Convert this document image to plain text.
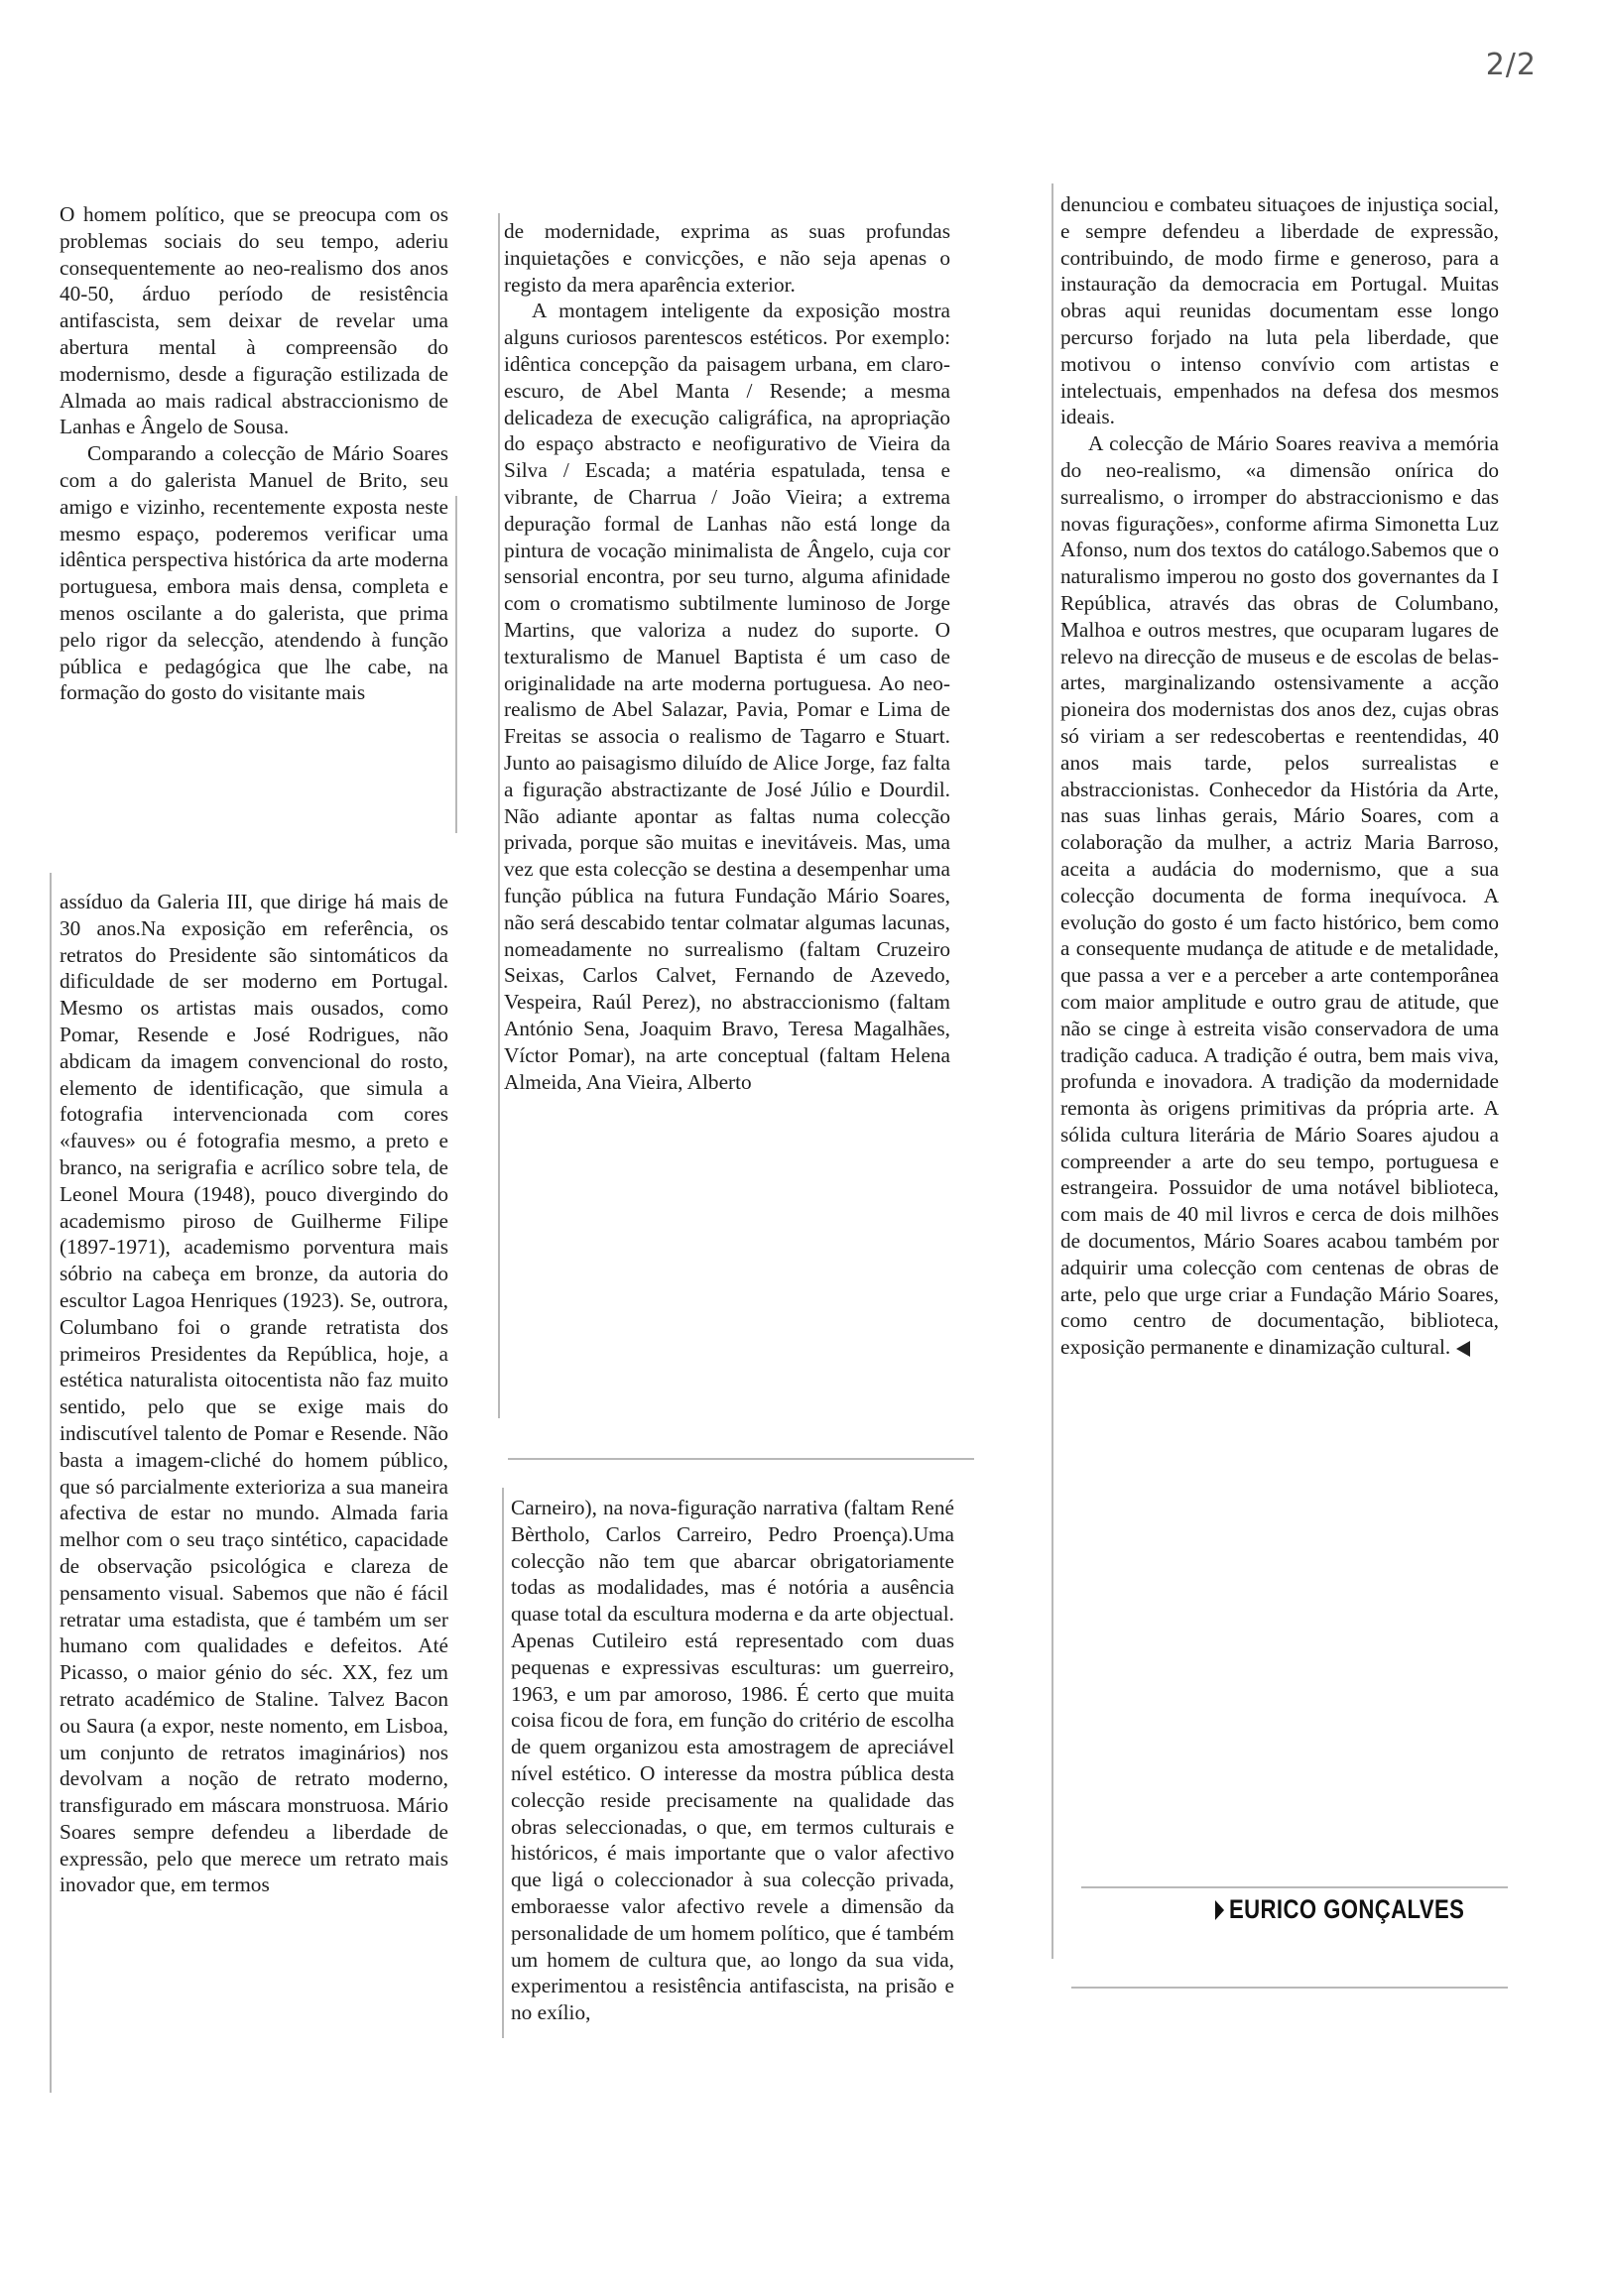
2/2

O homem político, que se preocupa com os problemas sociais do seu tempo, aderiu consequentemente ao neo-realismo dos anos 40-50, árduo período de resistência antifascista, sem deixar de revelar uma abertura mental à compreensão do modernismo, desde a figuração estilizada de Almada ao mais radical abstraccionismo de Lanhas e Ângelo de Sousa.

Comparando a colecção de Mário Soares com a do galerista Manuel de Brito, seu amigo e vizinho, recentemente exposta neste mesmo espaço, poderemos verificar uma idêntica perspectiva histórica da arte moderna portuguesa, embora mais densa, completa e menos oscilante a do galerista, que prima pelo rigor da selecção, atendendo à função pública e pedagógica que lhe cabe, na formação do gosto do visitante mais

assíduo da Galeria III, que dirige há mais de 30 anos.Na exposição em referência, os retratos do Presidente são sintomáticos da dificuldade de ser moderno em Portugal. Mesmo os artistas mais ousados, como Pomar, Resende e José Rodrigues, não abdicam da imagem convencional do rosto, elemento de identificação, que simula a fotografia intervencionada com cores «fauves» ou é fotografia mesmo, a preto e branco, na serigrafia e acrílico sobre tela, de Leonel Moura (1948), pouco divergindo do academismo piroso de Guilherme Filipe (1897-1971), academismo porventura mais sóbrio na cabeça em bronze, da autoria do escultor Lagoa Henriques (1923). Se, outrora, Columbano foi o grande retratista dos primeiros Presidentes da República, hoje, a estética naturalista oitocentista não faz muito sentido, pelo que se exige mais do indiscutível talento de Pomar e Resende. Não basta a imagem-cliché do homem público, que só parcialmente exterioriza a sua maneira afectiva de estar no mundo. Almada faria melhor com o seu traço sintético, capacidade de observação psicológica e clareza de pensamento visual. Sabemos que não é fácil retratar uma estadista, que é também um ser humano com qualidades e defeitos. Até Picasso, o maior génio do séc. XX, fez um retrato académico de Staline. Talvez Bacon ou Saura (a expor, neste nomento, em Lisboa, um conjunto de retratos imaginários) nos devolvam a noção de retrato moderno, transfigurado em máscara monstruosa. Mário Soares sempre defendeu a liberdade de expressão, pelo que merece um retrato mais inovador que, em termos

de modernidade, exprima as suas profundas inquietações e convicções, e não seja apenas o registo da mera aparência exterior.

A montagem inteligente da exposição mostra alguns curiosos parentescos estéticos. Por exemplo: idêntica concepção da paisagem urbana, em claro-escuro, de Abel Manta / Resende; a mesma delicadeza de execução caligráfica, na apropriação do espaço abstracto e neofigurativo de Vieira da Silva / Escada; a matéria espatulada, tensa e vibrante, de Charrua / João Vieira; a extrema depuração formal de Lanhas não está longe da pintura de vocação minimalista de Ângelo, cuja cor sensorial encontra, por seu turno, alguma afinidade com o cromatismo subtilmente luminoso de Jorge Martins, que valoriza a nudez do suporte. O texturalismo de Manuel Baptista é um caso de originalidade na arte moderna portuguesa. Ao neo-realismo de Abel Salazar, Pavia, Pomar e Lima de Freitas se associa o realismo de Tagarro e Stuart. Junto ao paisagismo diluído de Alice Jorge, faz falta a figuração abstractizante de José Júlio e Dourdil. Não adiante apontar as faltas numa colecção privada, porque são muitas e inevitáveis. Mas, uma vez que esta colecção se destina a desempenhar uma função pública na futura Fundação Mário Soares, não será descabido tentar colmatar algumas lacunas, nomeadamente no surrealismo (faltam Cruzeiro Seixas, Carlos Calvet, Fernando de Azevedo, Vespeira, Raúl Perez), no abstraccionismo (faltam António Sena, Joaquim Bravo, Teresa Magalhães, Víctor Pomar), na arte conceptual (faltam Helena Almeida, Ana Vieira, Alberto

Carneiro), na nova-figuração narrativa (faltam René Bèrtholo, Carlos Carreiro, Pedro Proença).Uma colecção não tem que abarcar obrigatoriamente todas as modalidades, mas é notória a ausência quase total da escultura moderna e da arte objectual. Apenas Cutileiro está representado com duas pequenas e expressivas esculturas: um guerreiro, 1963, e um par amoroso, 1986. É certo que muita coisa ficou de fora, em função do critério de escolha de quem organizou esta amostragem de apreciável nível estético. O interesse da mostra pública desta colecção reside precisamente na qualidade das obras seleccionadas, o que, em termos culturais e históricos, é mais importante que o valor afectivo que ligá o coleccionador à sua colecção privada, emboraesse valor afectivo revele a dimensão da personalidade de um homem político, que é também um homem de cultura que, ao longo da sua vida, experimentou a resistência antifascista, na prisão e no exílio,

denunciou e combateu situaçoes de injustiça social, e sempre defendeu a liberdade de expressão, contribuindo, de modo firme e generoso, para a instauração da democracia em Portugal. Muitas obras aqui reunidas documentam esse longo percurso forjado na luta pela liberdade, que motivou o intenso convívio com artistas e intelectuais, empenhados na defesa dos mesmos ideais.

A colecção de Mário Soares reaviva a memória do neo-realismo, «a dimensão onírica do surrealismo, o irromper do abstraccionismo e das novas figurações», conforme afirma Simonetta Luz Afonso, num dos textos do catálogo.Sabemos que o naturalismo imperou no gosto dos governantes da I República, através das obras de Columbano, Malhoa e outros mestres, que ocuparam lugares de relevo na direcção de museus e de escolas de belas-artes, marginalizando ostensivamente a acção pioneira dos modernistas dos anos dez, cujas obras só viriam a ser redescobertas e reentendidas, 40 anos mais tarde, pelos surrealistas e abstraccionistas. Conhecedor da História da Arte, nas suas linhas gerais, Mário Soares, com a colaboração da mulher, a actriz Maria Barroso, aceita a audácia do modernismo, que a sua colecção documenta de forma inequívoca. A evolução do gosto é um facto histórico, bem como a consequente mudança de atitude e de metalidade, que passa a ver e a perceber a arte contemporânea com maior amplitude e outro grau de atitude, que não se cinge à estreita visão conservadora de uma tradição caduca. A tradição é outra, bem mais viva, profunda e inovadora. A tradição da modernidade remonta às origens primitivas da própria arte. A sólida cultura literária de Mário Soares ajudou a compreender a arte do seu tempo, portuguesa e estrangeira. Possuidor de uma notável biblioteca, com mais de 40 mil livros e cerca de dois milhões de documentos, Mário Soares acabou também por adquirir uma colecção com centenas de obras de arte, pelo que urge criar a Fundação Mário Soares, como centro de documentação, biblioteca, exposição permanente e dinamização cultural.

EURICO GONÇALVES
